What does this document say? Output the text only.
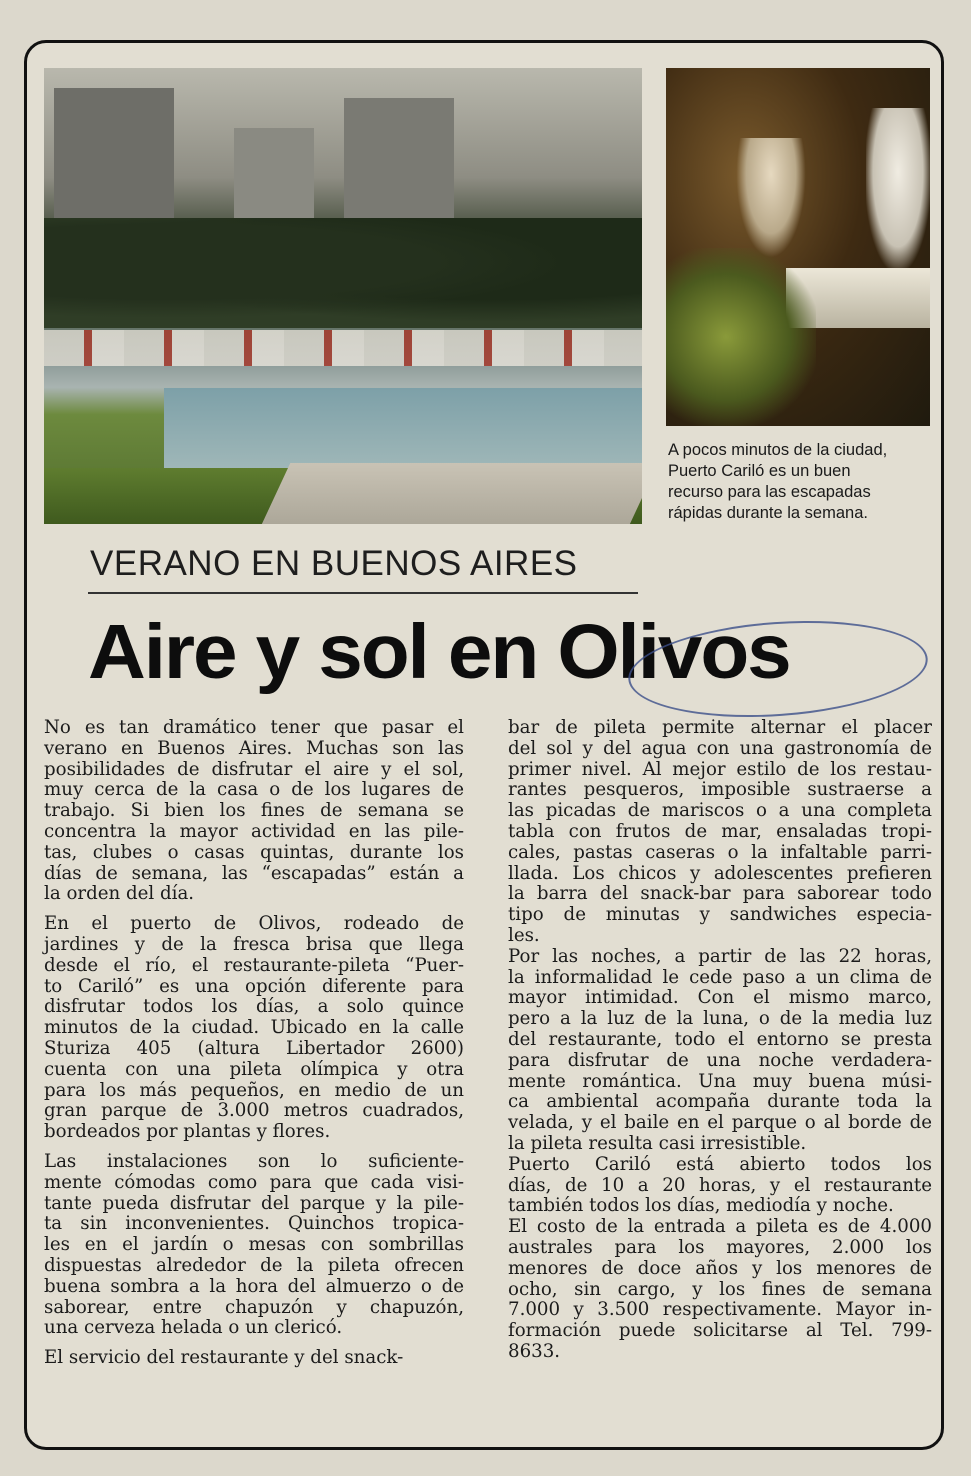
A pocos minutos de la ciudad,
Puerto Cariló es un buen
recurso para las escapadas
rápidas durante la semana.
VERANO EN BUENOS AIRES
Aire y sol en Olivos
No es tan dramático tener que pasar el
verano en Buenos Aires. Muchas son las
posibilidades de disfrutar el aire y el sol,
muy cerca de la casa o de los lugares de
trabajo. Si bien los fines de semana se
concentra la mayor actividad en las pile-
tas, clubes o casas quintas, durante los
días de semana, las “escapadas” están a
la orden del día.
En el puerto de Olivos, rodeado de
jardines y de la fresca brisa que llega
desde el río, el restaurante-pileta “Puer-
to Cariló” es una opción diferente para
disfrutar todos los días, a solo quince
minutos de la ciudad. Ubicado en la calle
Sturiza 405 (altura Libertador 2600)
cuenta con una pileta olímpica y otra
para los más pequeños, en medio de un
gran parque de 3.000 metros cuadrados,
bordeados por plantas y flores.
Las instalaciones son lo suficiente-
mente cómodas como para que cada visi-
tante pueda disfrutar del parque y la pile-
ta sin inconvenientes. Quinchos tropica-
les en el jardín o mesas con sombrillas
dispuestas alrededor de la pileta ofrecen
buena sombra a la hora del almuerzo o de
saborear, entre chapuzón y chapuzón,
una cerveza helada o un clericó.
El servicio del restaurante y del snack-
bar de pileta permite alternar el placer
del sol y del agua con una gastronomía de
primer nivel. Al mejor estilo de los restau-
rantes pesqueros, imposible sustraerse a
las picadas de mariscos o a una completa
tabla con frutos de mar, ensaladas tropi-
cales, pastas caseras o la infaltable parri-
llada. Los chicos y adolescentes prefieren
la barra del snack-bar para saborear todo
tipo de minutas y sandwiches especia-
les.
Por las noches, a partir de las 22 horas,
la informalidad le cede paso a un clima de
mayor intimidad. Con el mismo marco,
pero a la luz de la luna, o de la media luz
del restaurante, todo el entorno se presta
para disfrutar de una noche verdadera-
mente romántica. Una muy buena músi-
ca ambiental acompaña durante toda la
velada, y el baile en el parque o al borde de
la pileta resulta casi irresistible.
Puerto Cariló está abierto todos los
días, de 10 a 20 horas, y el restaurante
también todos los días, mediodía y noche.
El costo de la entrada a pileta es de 4.000
australes para los mayores, 2.000 los
menores de doce años y los menores de
ocho, sin cargo, y los fines de semana
7.000 y 3.500 respectivamente. Mayor in-
formación puede solicitarse al Tel. 799-
8633.
